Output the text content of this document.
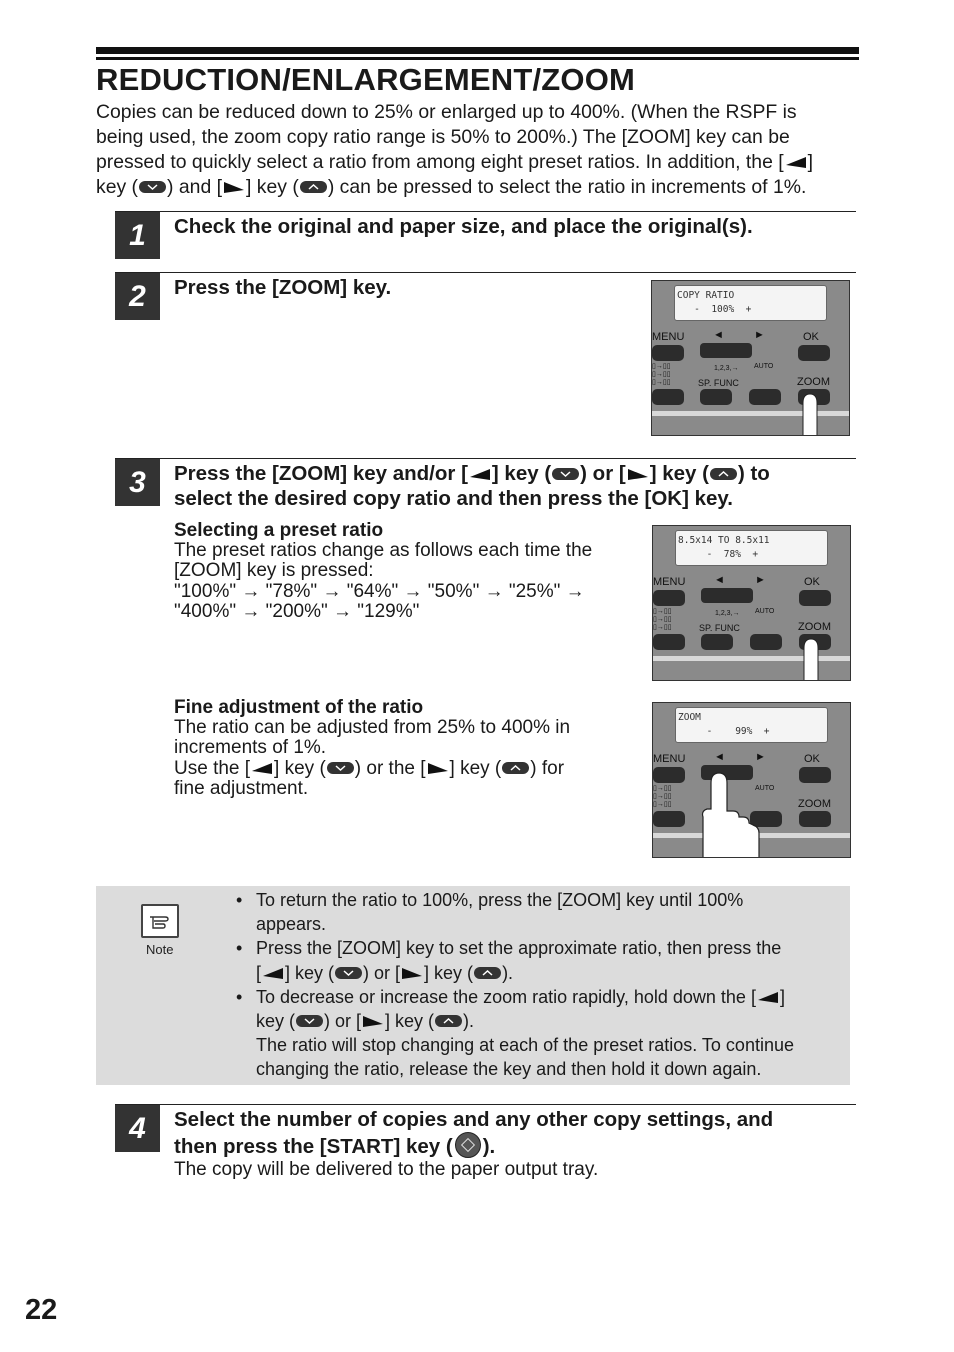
REDUCTION/ENLARGEMENT/ZOOM
Copies can be reduced down to 25% or enlarged up to 400%. (When the RSPF is
being used, the zoom copy ratio range is 50% to 200%.) The [ZOOM] key can be
pressed to quickly select a ratio from among eight preset ratios. In addition, the [ ]
key ( ) and [ ] key ( ) can be pressed to select the ratio in increments of 1%.
1	Check the original and paper size, and place the original(s).
2	Press the [ZOOM] key.	COPY RATIO
-  100%  +
MENU	◄	►	OK
▯→▯▯
▯→▯▯
▯→▯▯
1,2,3,→ AUTO
SP. FUNC	ZOOM
3	Press the [ZOOM] key and/or [ ] key ( ) or [ ] key ( ) to
select the desired copy ratio and then press the [OK] key.
Selecting a preset ratio
The preset ratios change as follows each time the
[ZOOM] key is pressed:
"100%" → "78%" → "64%" → "50%" → "25%" →
"400%" → "200%" → "129%"
8.5x14 TO 8.5x11
-  78%  +
MENU	◄	►	OK
▯→▯▯
▯→▯▯
▯→▯▯
1,2,3,→ AUTO
SP. FUNC	ZOOM
Fine adjustment of the ratio
The ratio can be adjusted from 25% to 400% in
increments of 1%.
Use the [ ] key ( ) or the [ ] key ( ) for
fine adjustment.
ZOOM
-    99%  +
MENU	◄	►	OK
▯→▯▯
▯→▯▯
▯→▯▯
AUTO
ZOOM
Note
• To return the ratio to 100%, press the [ZOOM] key until 100%
appears.
• Press the [ZOOM] key to set the approximate ratio, then press the
[ ] key ( ) or [ ] key ( ).
• To decrease or increase the zoom ratio rapidly, hold down the [ ]
key ( ) or [ ] key ( ).
The ratio will stop changing at each of the preset ratios. To continue
changing the ratio, release the key and then hold it down again.
4	Select the number of copies and any other copy settings, and
then press the [START] key ( ).
The copy will be delivered to the paper output tray.
22
